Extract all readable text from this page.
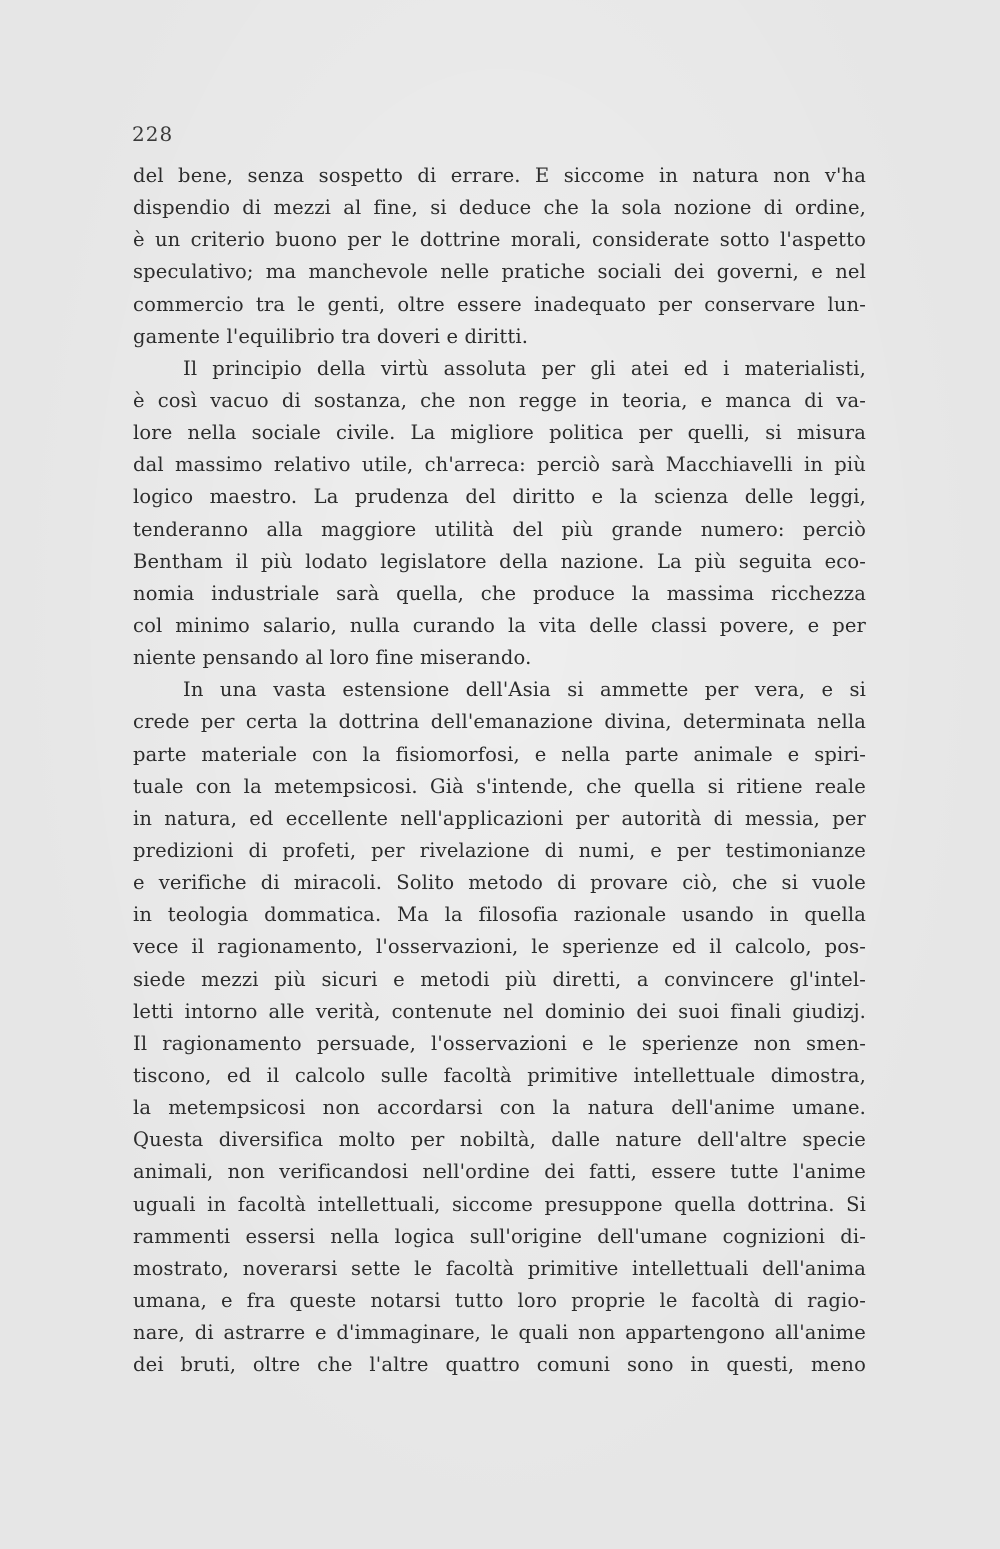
228
del bene, senza sospetto di errare. E siccome in natura non v'ha
dispendio di mezzi al fine, si deduce che la sola nozione di ordine,
è un criterio buono per le dottrine morali, considerate sotto l'aspetto
speculativo; ma manchevole nelle pratiche sociali dei governi, e nel
commercio tra le genti, oltre essere inadequato per conservare lun-
gamente l'equilibrio tra doveri e diritti.
Il principio della virtù assoluta per gli atei ed i materialisti,
è così vacuo di sostanza, che non regge in teoria, e manca di va-
lore nella sociale civile. La migliore politica per quelli, si misura
dal massimo relativo utile, ch'arreca: perciò sarà Macchiavelli in più
logico maestro. La prudenza del diritto e la scienza delle leggi,
tenderanno alla maggiore utilità del più grande numero: perciò
Bentham il più lodato legislatore della nazione. La più seguita eco-
nomia industriale sarà quella, che produce la massima ricchezza
col minimo salario, nulla curando la vita delle classi povere, e per
niente pensando al loro fine miserando.
In una vasta estensione dell'Asia si ammette per vera, e si
crede per certa la dottrina dell'emanazione divina, determinata nella
parte materiale con la fisiomorfosi, e nella parte animale e spiri-
tuale con la metempsicosi. Già s'intende, che quella si ritiene reale
in natura, ed eccellente nell'applicazioni per autorità di messia, per
predizioni di profeti, per rivelazione di numi, e per testimonianze
e verifiche di miracoli. Solito metodo di provare ciò, che si vuole
in teologia dommatica. Ma la filosofia razionale usando in quella
vece il ragionamento, l'osservazioni, le sperienze ed il calcolo, pos-
siede mezzi più sicuri e metodi più diretti, a convincere gl'intel-
letti intorno alle verità, contenute nel dominio dei suoi finali giudizj.
Il ragionamento persuade, l'osservazioni e le sperienze non smen-
tiscono, ed il calcolo sulle facoltà primitive intellettuale dimostra,
la metempsicosi non accordarsi con la natura dell'anime umane.
Questa diversifica molto per nobiltà, dalle nature dell'altre specie
animali, non verificandosi nell'ordine dei fatti, essere tutte l'anime
uguali in facoltà intellettuali, siccome presuppone quella dottrina. Si
rammenti essersi nella logica sull'origine dell'umane cognizioni di-
mostrato, noverarsi sette le facoltà primitive intellettuali dell'anima
umana, e fra queste notarsi tutto loro proprie le facoltà di ragio-
nare, di astrarre e d'immaginare, le quali non appartengono all'anime
dei bruti, oltre che l'altre quattro comuni sono in questi, meno
